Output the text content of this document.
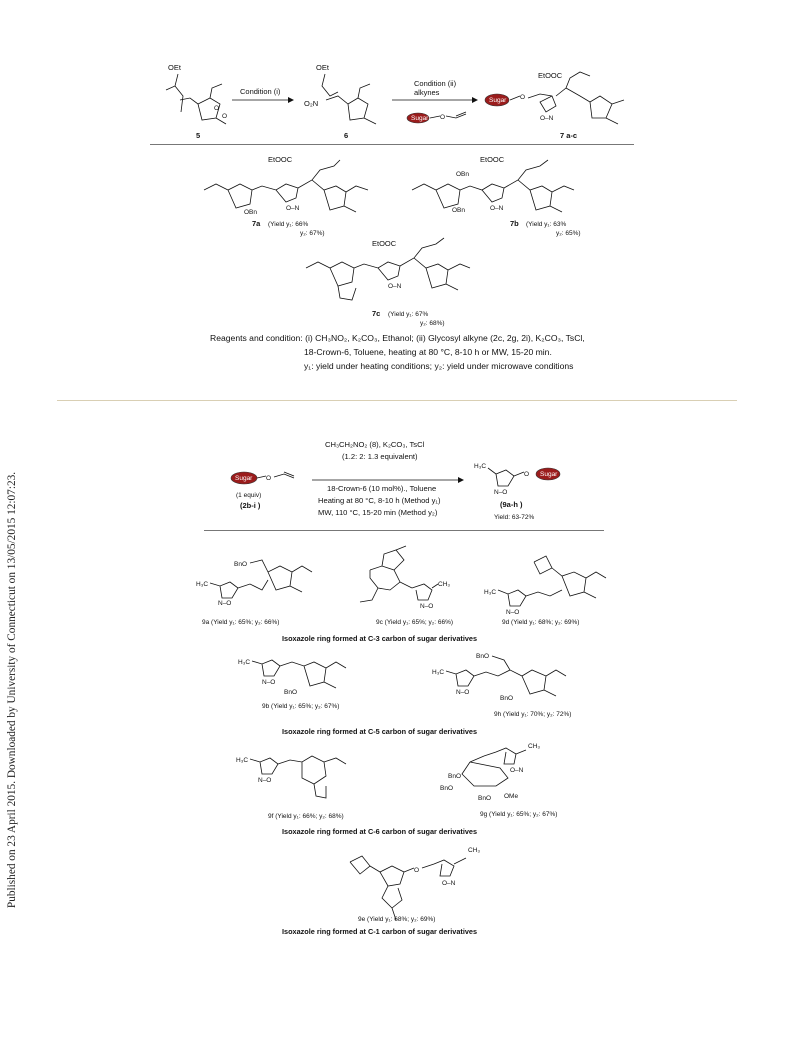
Published on 23 April 2015. Downloaded by University of Connecticut on 13/05/2015 12:07:23.
OEt
O
O
5
Condition (i)
OEt
O₂N
6
Condition (ii)
alkynes
Sugar O
Sugar O
O–N
EtOOC
7 a-c
OBn
O–N
EtOOC
7a (Yield y₁: 66%
y₂: 67%)
OBn
OBn	O–N
EtOOC
7b (Yield y₁: 63%
y₂: 65%)
O–N
EtOOC
7c (Yield y₁: 67%
y₂: 68%)
Sugar O
(1 equiv)
(2b-i )
H₃C
N–O
O Sugar
(9a-h )
Yield: 63-72%
BnO
H₃C
N–O
9a (Yield y₁: 65%; y₂: 66%)
CH₃
N–O
9c (Yield y₁: 65%; y₂: 66%)
H₃C
N–O
9d (Yield y₁: 68%; y₂: 69%)
Isoxazole ring formed at C-3 carbon of sugar derivatives
H₃C
N–O
BnO
9b (Yield y₁: 65%; y₂: 67%)
BnO
H₃C
N–O
BnO
9h (Yield y₁: 70%; y₂: 72%)
Isoxazole ring formed at C-5 carbon of sugar derivatives
H₃C
N–O
9f (Yield y₁: 66%; y₂: 68%)
CH₃
O–N
BnO
BnO
BnO OMe
9g (Yield y₁: 65%; y₂: 67%)
Isoxazole ring formed at C-6 carbon of sugar derivatives
O
CH₃
O–N
9e (Yield y₁: 68%; y₂: 69%)
Isoxazole ring formed at C-1 carbon of sugar derivatives
Reagents and condition: (i) CH₃NO₂, K₂CO₃, Ethanol; (ii) Glycosyl alkyne (2c, 2g, 2i), K₂CO₃, TsCl,
18-Crown-6, Toluene, heating at 80 °C, 8-10 h or MW, 15-20 min.
y₁: yield under heating conditions; y₂: yield under microwave conditions
CH₃CH₂NO₂ (8), K₂CO₃, TsCl
(1.2: 2: 1.3 equivalent)
18-Crown-6 (10 mol%)., Toluene
Heating at 80 °C, 8-10 h (Method y₁)
MW, 110 °C, 15-20 min (Method y₂)
